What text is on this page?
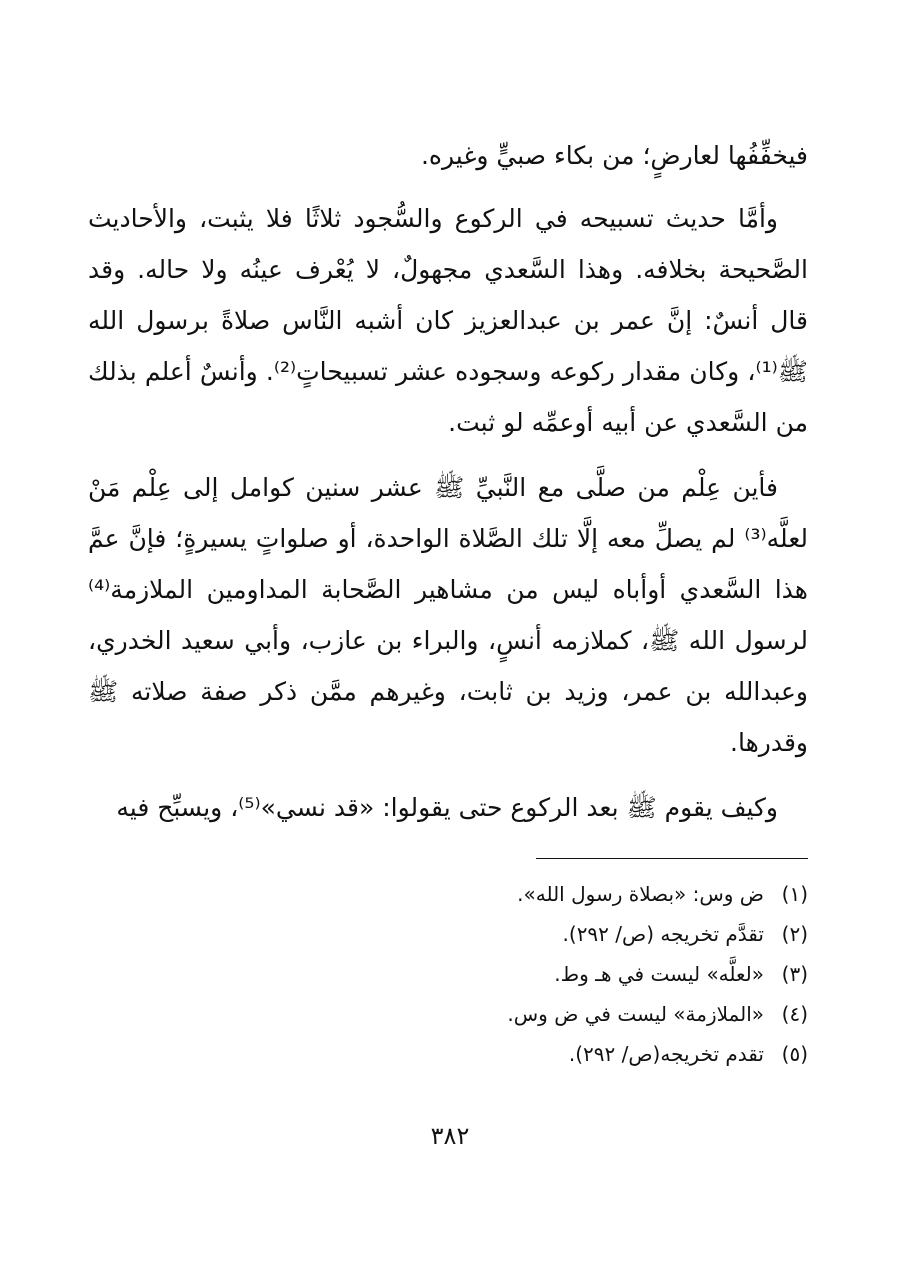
فيخفِّفُها لعارضٍ؛ من بكاء صبيٍّ وغيره.

وأمَّا حديث تسبيحه في الركوع والسُّجود ثلاثًا فلا يثبت، والأحاديث الصَّحيحة بخلافه. وهذا السَّعدي مجهولٌ، لا يُعْرف عينُه ولا حاله. وقد قال أنسٌ: إنَّ عمر بن عبدالعزيز كان أشبه النَّاس صلاةً برسول الله ﷺ⁽¹⁾، وكان مقدار ركوعه وسجوده عشر تسبيحاتٍ⁽²⁾. وأنسٌ أعلم بذلك من السَّعدي عن أبيه أوعمِّه لو ثبت.

فأين عِلْم من صلَّى مع النَّبيِّ ﷺ عشر سنين كوامل إلى عِلْم مَنْ لعلَّه⁽³⁾ لم يصلِّ معه إلَّا تلك الصَّلاة الواحدة، أو صلواتٍ يسيرةٍ؛ فإنَّ عمَّ هذا السَّعدي أوأباه ليس من مشاهير الصَّحابة المداومين الملازمة⁽⁴⁾ لرسول الله ﷺ، كملازمه أنسٍ، والبراء بن عازب، وأبي سعيد الخدري، وعبدالله بن عمر، وزيد بن ثابت، وغيرهم ممَّن ذكر صفة صلاته ﷺ وقدرها.

وكيف يقوم ﷺ بعد الركوع حتى يقولوا: «قد نسي»⁽⁵⁾، ويسبِّح فيه

(١)ض وس: «بصلاة رسول الله».
(٢)تقدَّم تخريجه (ص/ ٢٩٢).
(٣)«لعلَّه» ليست في هـ وط.
(٤)«الملازمة» ليست في ض وس.
(٥)تقدم تخريجه(ص/ ٢٩٢).
٣٨٢
